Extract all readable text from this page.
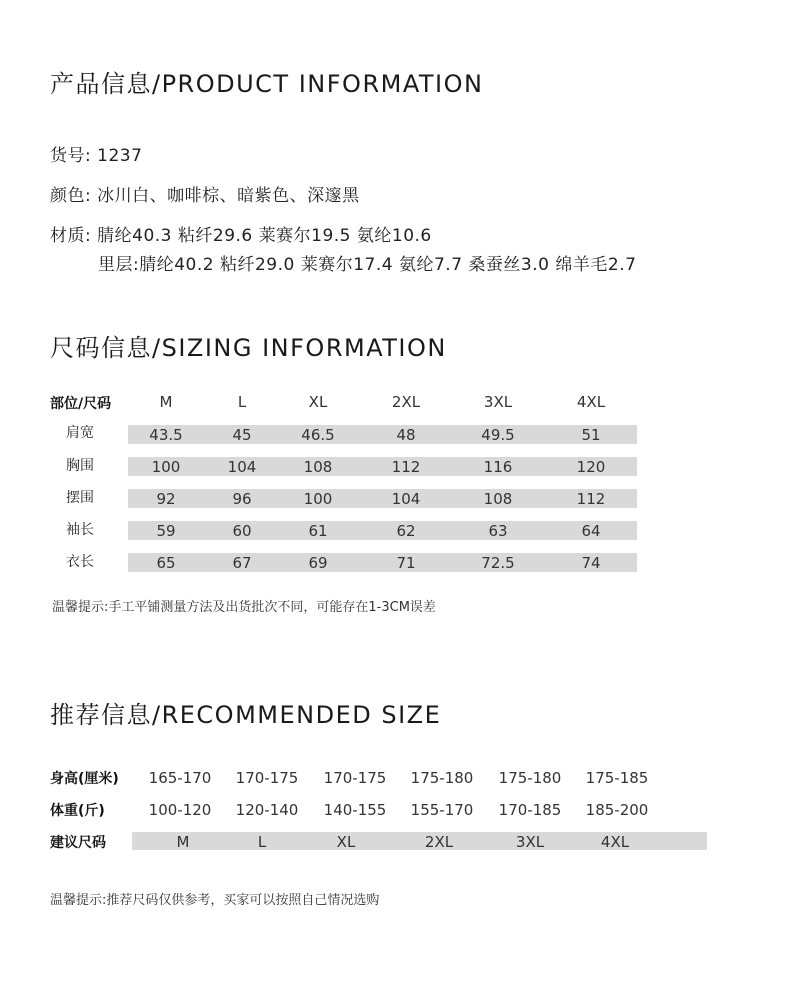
产品信息/PRODUCT INFORMATION
货号: 1237
颜色: 冰川白、咖啡棕、暗紫色、深邃黑
材质: 腈纶40.3 粘纤29.6 莱赛尔19.5 氨纶10.6
里层:腈纶40.2 粘纤29.0 莱赛尔17.4 氨纶7.7 桑蚕丝3.0 绵羊毛2.7
尺码信息/SIZING INFORMATION
部位/尺码	M	L	XL	2XL	3XL	4XL
肩宽	43.5	45	46.5	48	49.5	51
胸围	100	104	108	112	116	120
摆围	92	96	100	104	108	112
袖长	59	60	61	62	63	64
衣长	65	67	69	71	72.5	74
温馨提示:手工平铺测量方法及出货批次不同，可能存在1-3CM误差
推荐信息/RECOMMENDED SIZE
身高(厘米)	165-170	170-175	170-175	175-180	175-180	175-185
体重(斤)	100-120	120-140	140-155	155-170	170-185	185-200
建议尺码	M	L	XL	2XL	3XL	4XL
温馨提示:推荐尺码仅供参考，买家可以按照自己情况选购
